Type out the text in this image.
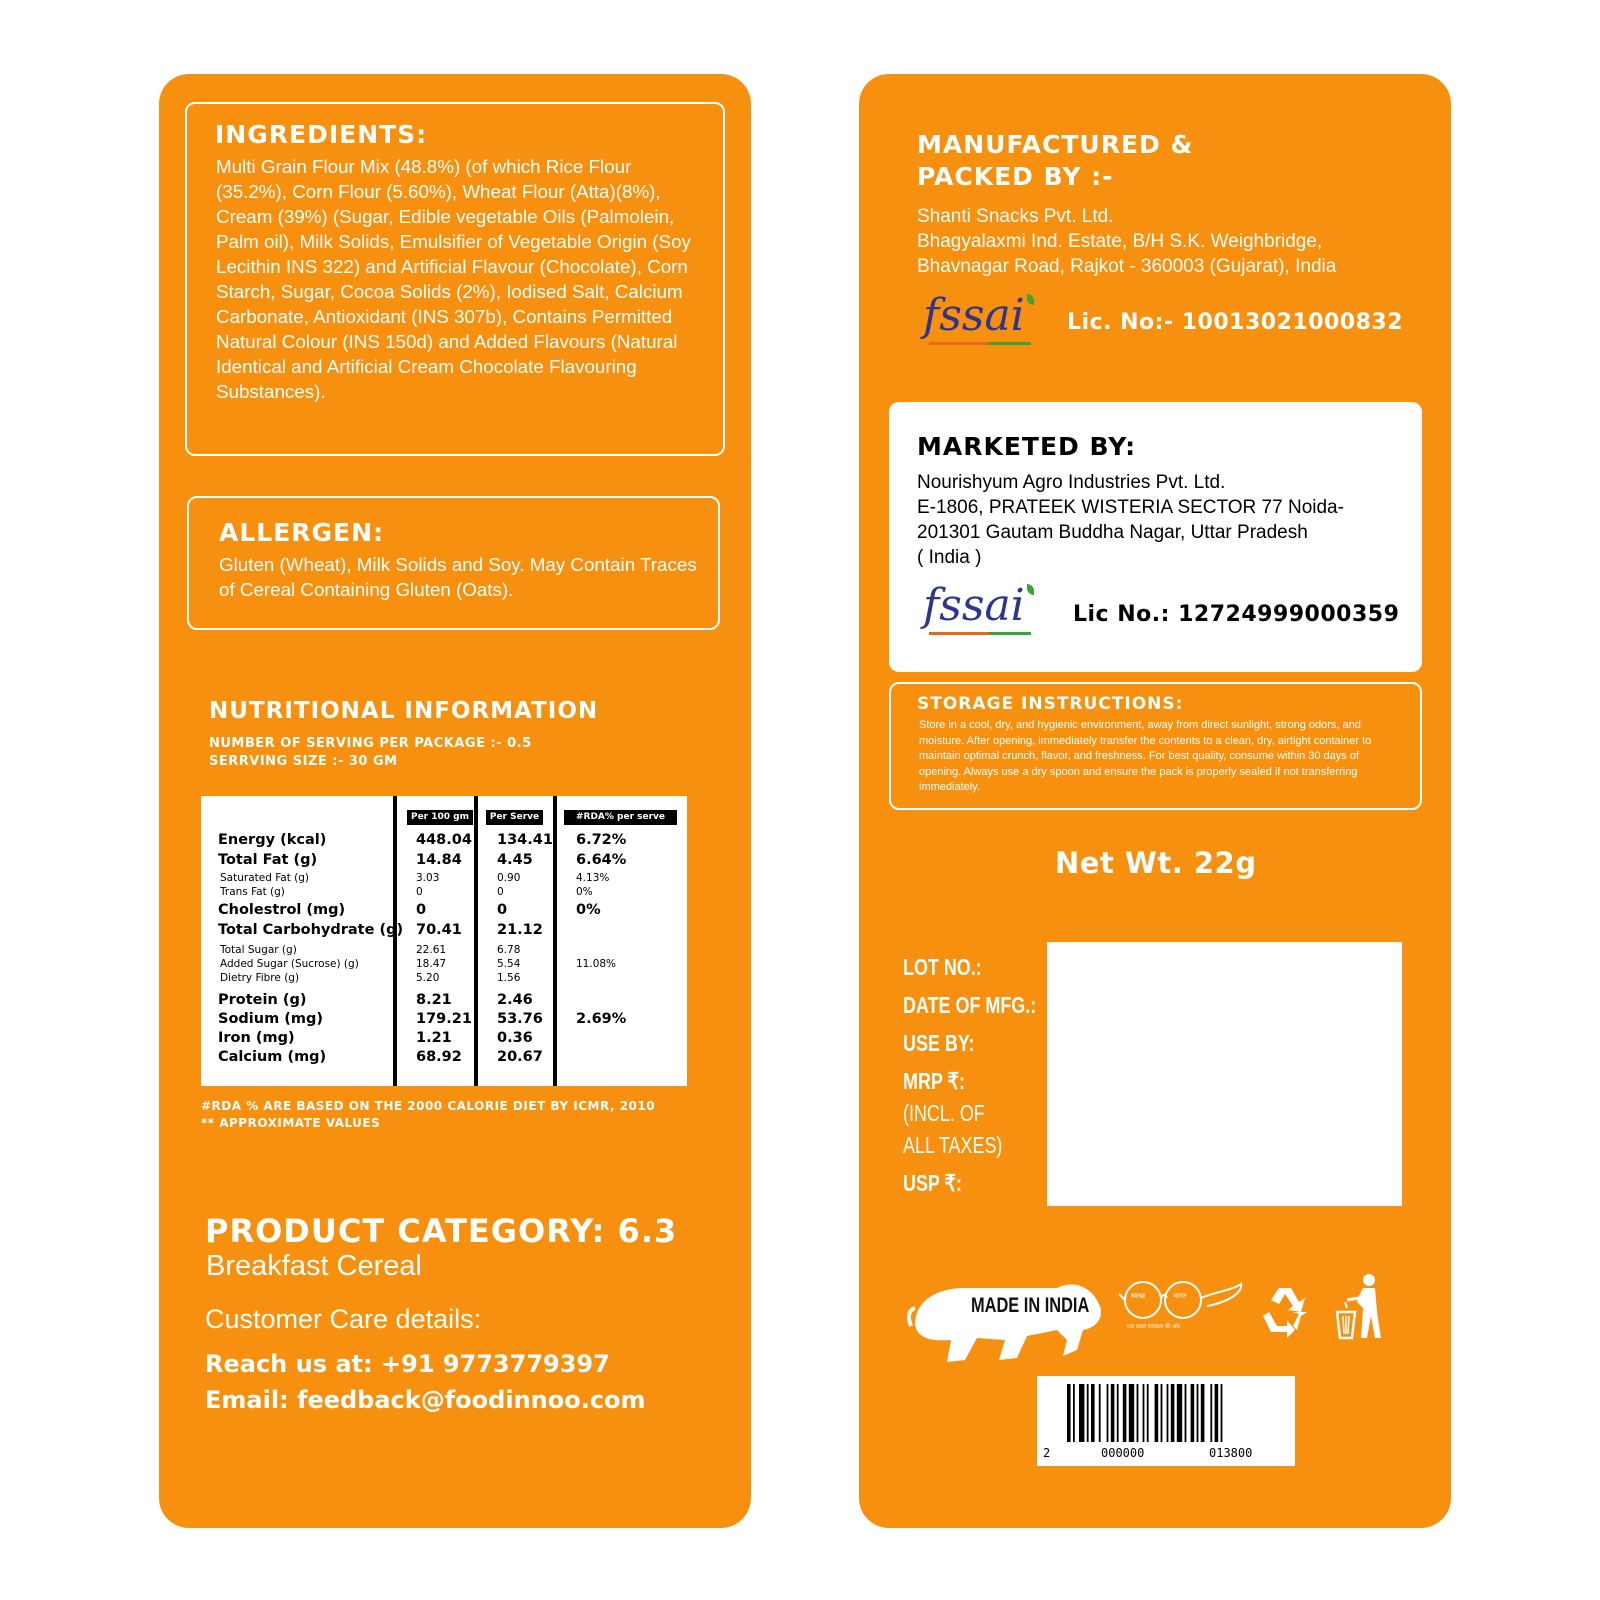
INGREDIENTS:
Multi Grain Flour Mix (48.8%) (of which Rice Flour (35.2%), Corn Flour (5.60%), Wheat Flour (Atta)(8%), Cream (39%) (Sugar, Edible vegetable Oils (Palmolein, Palm oil), Milk Solids, Emulsifier of Vegetable Origin (Soy Lecithin INS 322) and Artificial Flavour (Chocolate), Corn Starch, Sugar, Cocoa Solids (2%), Iodised Salt, Calcium Carbonate, Antioxidant (INS 307b), Contains Permitted Natural Colour (INS 150d) and Added Flavours (Natural Identical and Artificial Cream Chocolate Flavouring Substances).
ALLERGEN:
Gluten (Wheat), Milk Solids and Soy. May Contain Traces of Cereal Containing Gluten (Oats).
NUTRITIONAL INFORMATION
NUMBER OF SERVING PER PACKAGE :- 0.5
SERRVING SIZE :- 30 GM
Per 100 gm	Per Serve	#RDA% per serve
Energy (kcal)	448.04 134.41 6.72%
Total Fat (g)	14.84 4.45	6.64%
Saturated Fat (g)	3.03	0.90	4.13%
Trans Fat (g)	0	0	0%
Cholestrol (mg)	0	0	0%
Total Carbohydrate (g) 70.41 21.12
Total Sugar (g)	22.61	6.78
Added Sugar (Sucrose) (g)	18.47	5.54	11.08%
Dietry Fibre (g)	5.20	1.56
Protein (g)	8.21	2.46
Sodium (mg)	179.21 53.76 2.69%
Iron (mg)	1.21	0.36
Calcium (mg)	68.92 20.67
#RDA % ARE BASED ON THE 2000 CALORIE DIET BY ICMR, 2010
** APPROXIMATE VALUES
PRODUCT CATEGORY: 6.3
Breakfast Cereal
Customer Care details:
Reach us at: +91 9773779397
Email: feedback@foodinnoo.com
MANUFACTURED &
PACKED BY :-
Shanti Snacks Pvt. Ltd.
Bhagyalaxmi Ind. Estate, B/H S.K. Weighbridge,
Bhavnagar Road, Rajkot - 360003 (Gujarat), India
fssai Lic. No:- 10013021000832
MARKETED BY:
Nourishyum Agro Industries Pvt. Ltd.
E-1806, PRATEEK WISTERIA SECTOR 77 Noida-
201301 Gautam Buddha Nagar, Uttar Pradesh
( India )
fssai Lic No.: 12724999000359
STORAGE INSTRUCTIONS:
Store in a cool, dry, and hygienic environment, away from direct sunlight, strong odors, and moisture. After opening, immediately transfer the contents to a clean, dry, airtight container to maintain optimal crunch, flavor, and freshness. For best quality, consume within 30 days of opening. Always use a dry spoon and ensure the pack is properly sealed if not transferring immediately.
Net Wt. 22g
LOT NO.:
DATE OF MFG.:
USE BY:
MRP ₹:
(INCL. OF
ALL TAXES)
USP ₹:
MADE IN INDIA	स्वच्छ	भारत
एक कदम स्वच्छता की ओर
2	000000	013800
